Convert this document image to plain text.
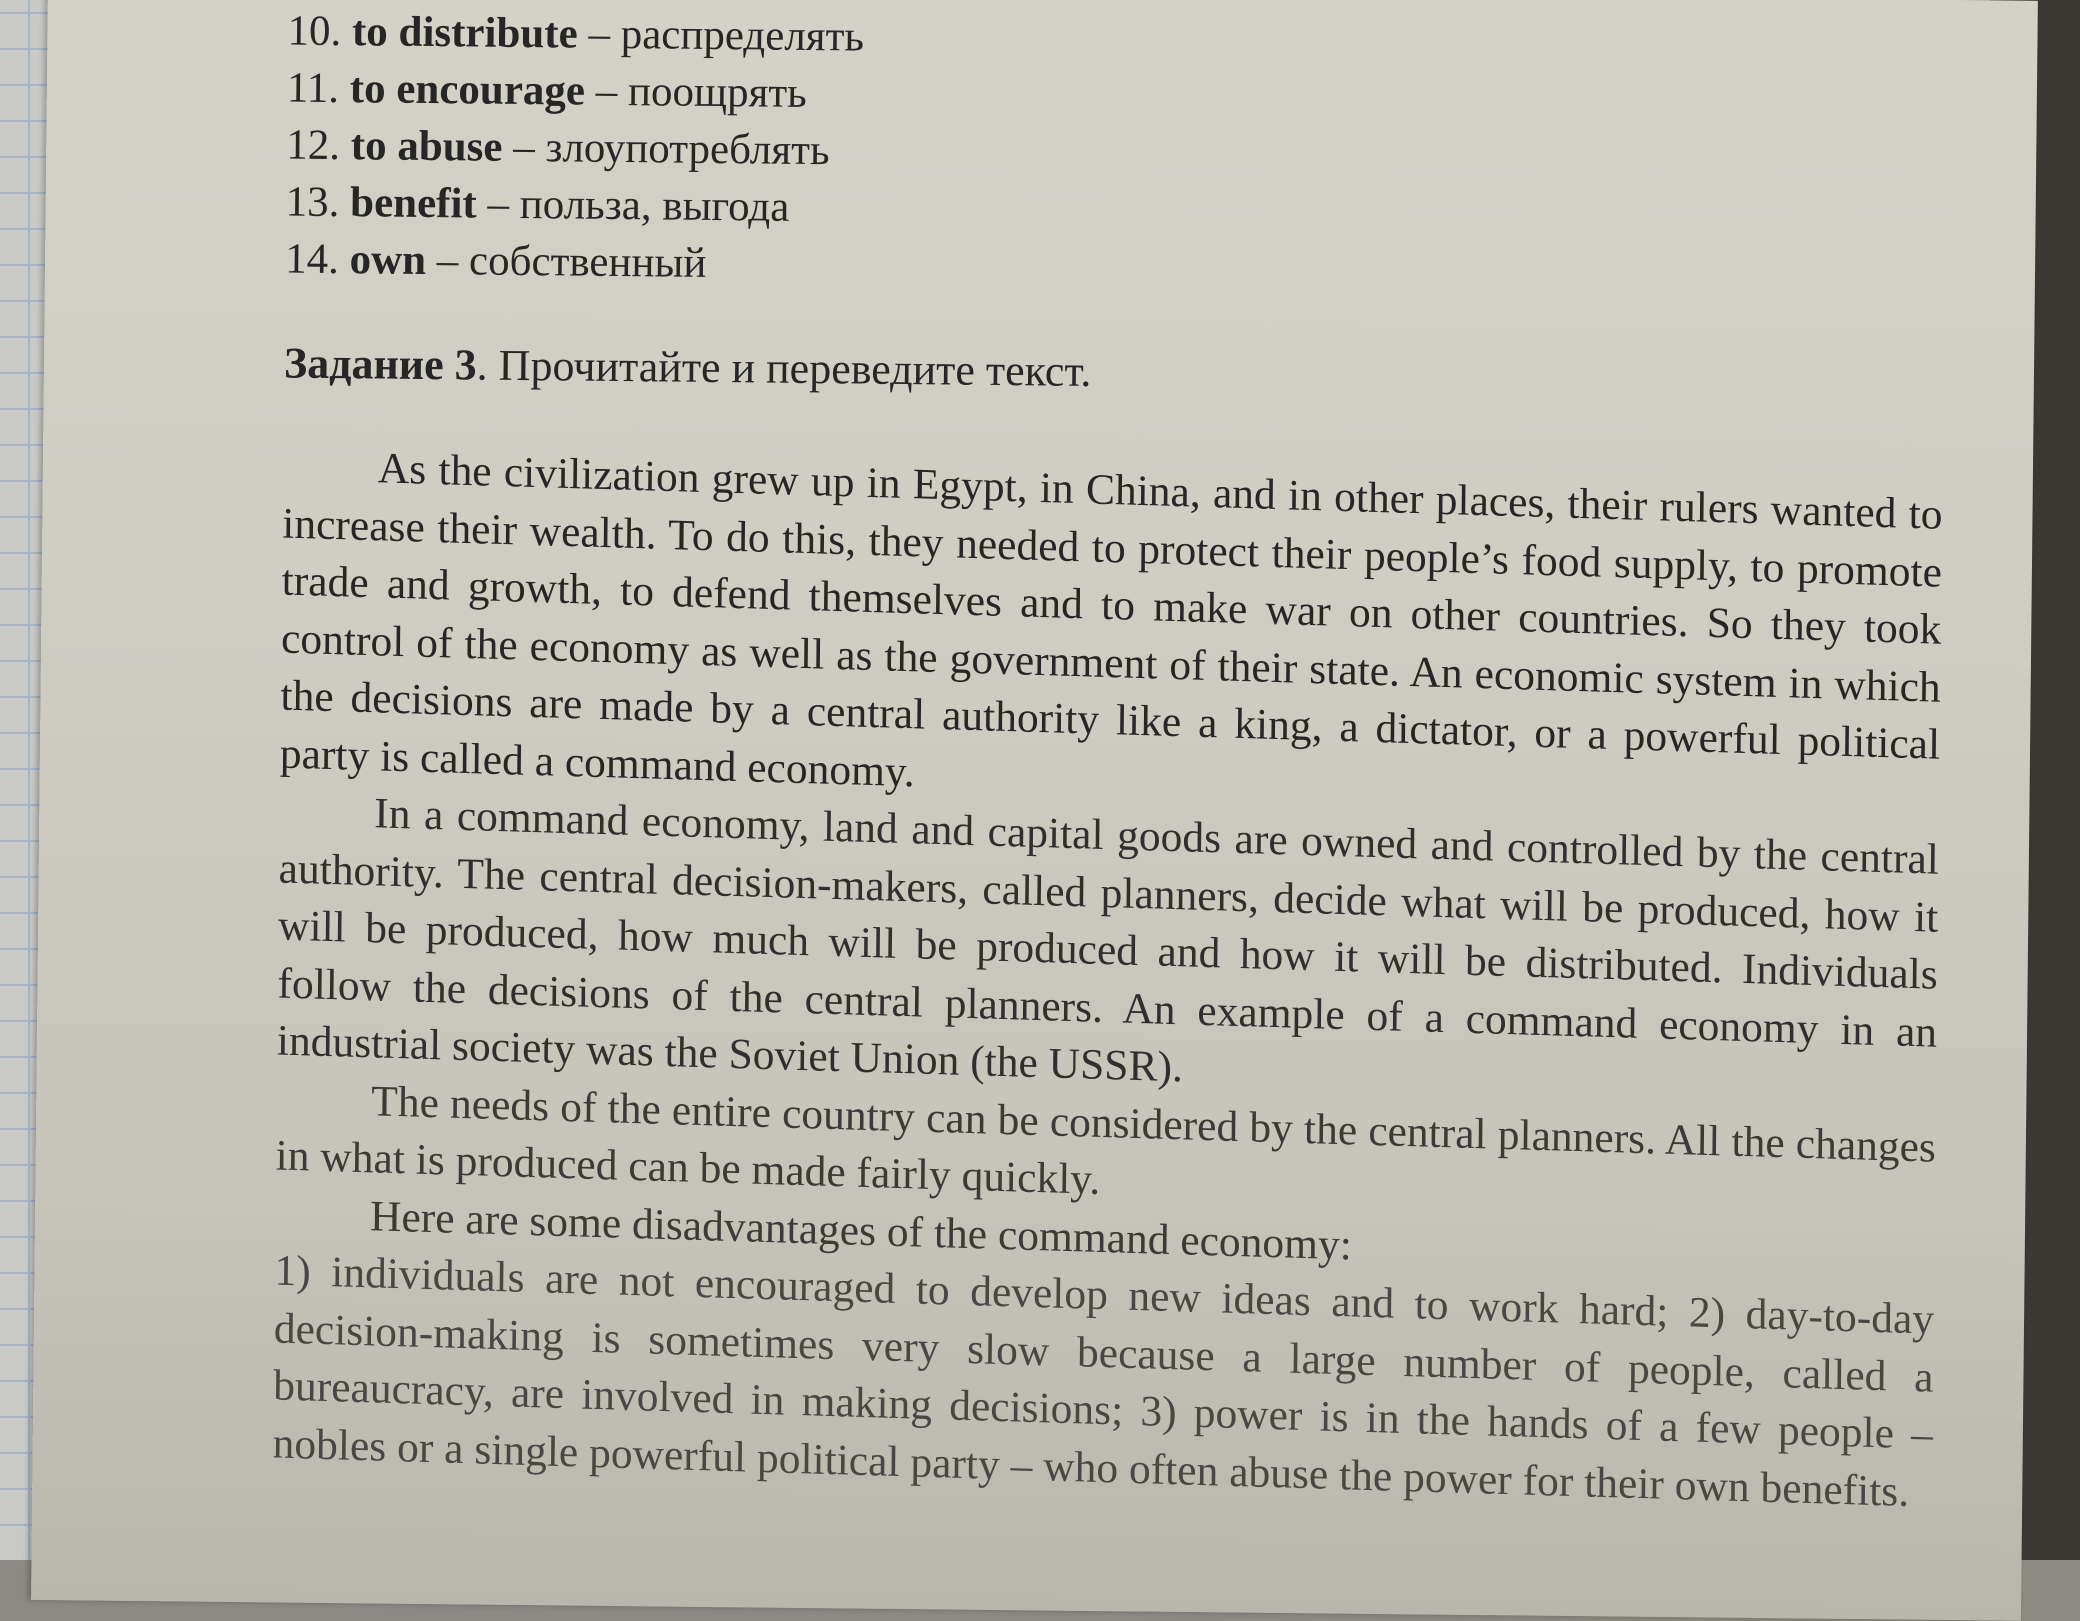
10. to distribute – распределять
11. to encourage – поощрять
12. to abuse – злоупотреблять
13. benefit – польза, выгода
14. own – собственный
Задание 3. Прочитайте и переведите текст.

As the civilization grew up in Egypt, in China, and in other places, their rulers wanted to increase their wealth. To do this, they needed to protect their people’s food supply, to promote trade and growth, to defend themselves and to make war on other countries. So they took control of the economy as well as the government of their state. An economic system in which the decisions are made by a central authority like a king, a dictator, or a powerful political party is called a command economy.

In a command economy, land and capital goods are owned and controlled by the central authority. The central decision-makers, called planners, decide what will be produced, how it will be produced, how much will be produced and how it will be distributed. Individuals follow the decisions of the central planners. An example of a command economy in an industrial society was the Soviet Union (the USSR).

The needs of the entire country can be considered by the central planners. All the changes in what is produced can be made fairly quickly.

Here are some disadvantages of the command economy:

1) individuals are not encouraged to develop new ideas and to work hard; 2) day-to-day decision-making is sometimes very slow because a large number of people, called a bureaucracy, are involved in making decisions; 3) power is in the hands of a few people – nobles or a single powerful political party – who often abuse the power for their own benefits.
